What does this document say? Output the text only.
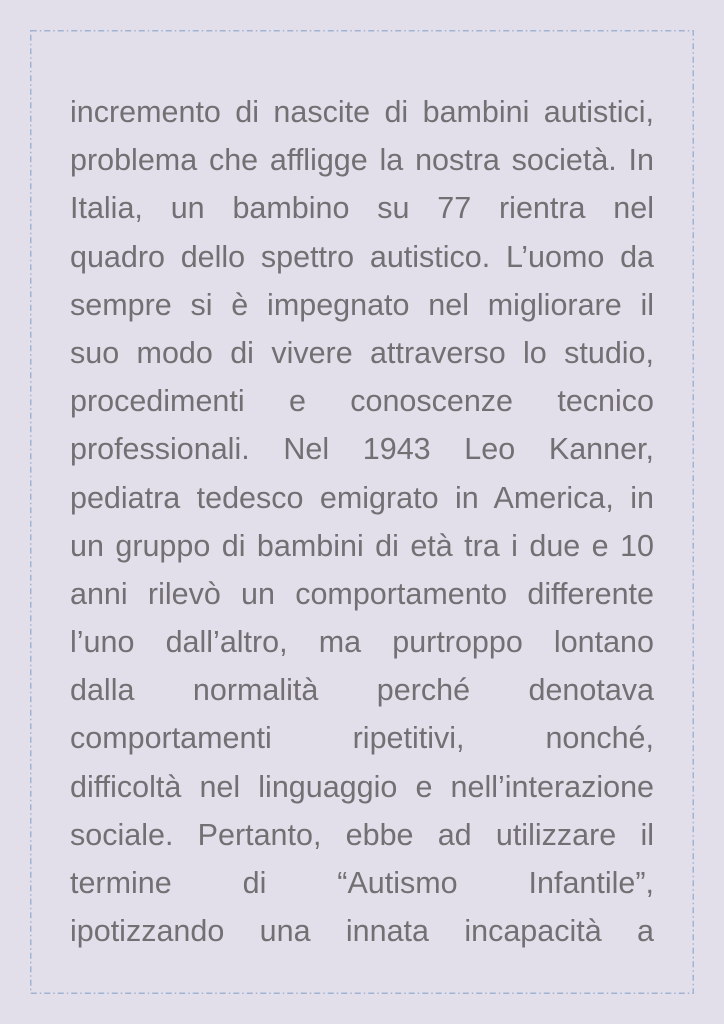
incremento di nascite di bambini autistici,
problema che affligge la nostra società. In
Italia, un bambino su 77 rientra nel
quadro dello spettro autistico. L’uomo da
sempre si è impegnato nel migliorare il
suo modo di vivere attraverso lo studio,
procedimenti e conoscenze tecnico
professionali. Nel 1943 Leo Kanner,
pediatra tedesco emigrato in America, in
un gruppo di bambini di età tra i due e 10
anni rilevò un comportamento differente
l’uno dall’altro, ma purtroppo lontano
dalla normalità perché denotava
comportamenti ripetitivi, nonché,
difficoltà nel linguaggio e nell’interazione
sociale. Pertanto, ebbe ad utilizzare il
termine di “Autismo Infantile”,
ipotizzando una innata incapacità a
